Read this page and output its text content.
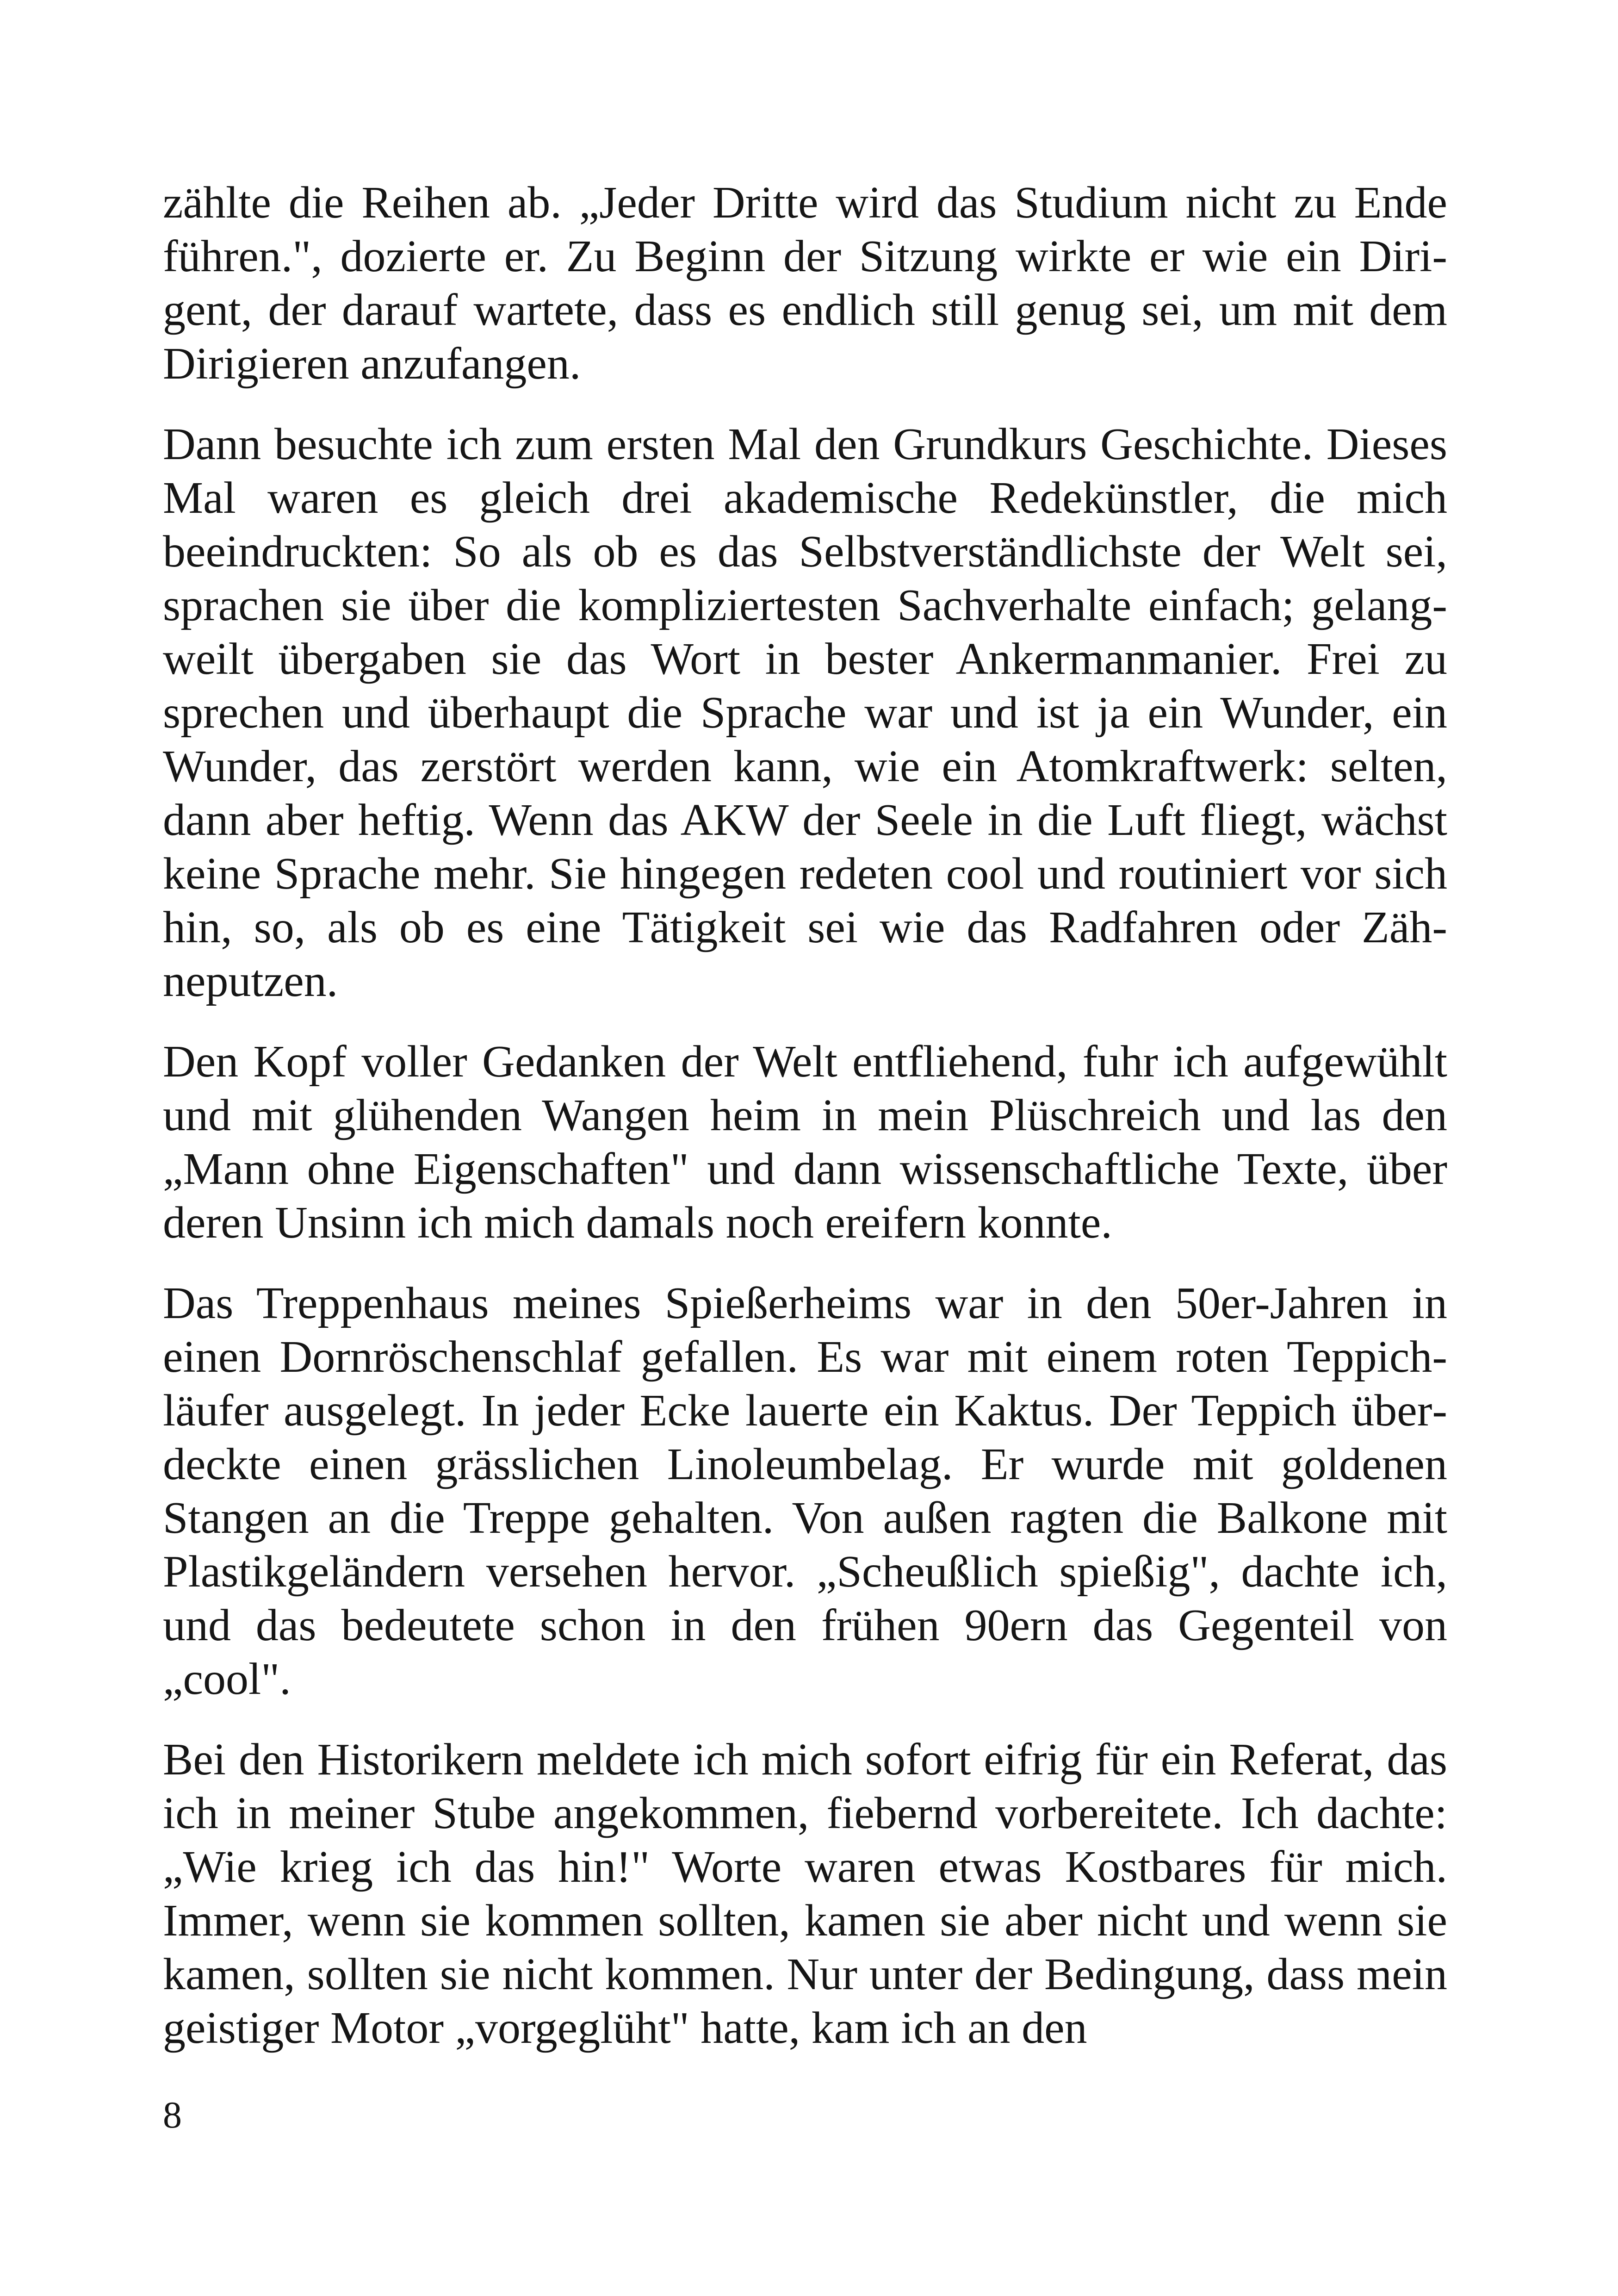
zählte die Reihen ab. „Jeder Dritte wird das Studium nicht zu Ende führen.", dozierte er. Zu Beginn der Sitzung wirkte er wie ein Dirigent, der darauf wartete, dass es endlich still genug sei, um mit dem Dirigieren anzufangen.

Dann besuchte ich zum ersten Mal den Grundkurs Geschichte. Dieses Mal waren es gleich drei akademische Redekünstler, die mich beeindruckten: So als ob es das Selbstverständlichste der Welt sei, sprachen sie über die kompliziertesten Sachverhalte einfach; gelangweilt übergaben sie das Wort in bester Ankermanmanier. Frei zu sprechen und überhaupt die Sprache war und ist ja ein Wunder, ein Wunder, das zerstört werden kann, wie ein Atomkraftwerk: selten, dann aber heftig. Wenn das AKW der Seele in die Luft fliegt, wächst keine Sprache mehr. Sie hingegen redeten cool und routiniert vor sich hin, so, als ob es eine Tätigkeit sei wie das Radfahren oder Zähneputzen.

Den Kopf voller Gedanken der Welt entfliehend, fuhr ich aufgewühlt und mit glühenden Wangen heim in mein Plüschreich und las den „Mann ohne Eigenschaften" und dann wissenschaftliche Texte, über deren Unsinn ich mich damals noch ereifern konnte.

Das Treppenhaus meines Spießerheims war in den 50er-Jahren in einen Dornröschenschlaf gefallen. Es war mit einem roten Teppichläufer ausgelegt. In jeder Ecke lauerte ein Kaktus. Der Teppich überdeckte einen grässlichen Linoleumbelag. Er wurde mit goldenen Stangen an die Treppe gehalten. Von außen ragten die Balkone mit Plastikgeländern versehen hervor. „Scheußlich spießig", dachte ich, und das bedeutete schon in den frühen 90ern das Gegenteil von „cool".

Bei den Historikern meldete ich mich sofort eifrig für ein Referat, das ich in meiner Stube angekommen, fiebernd vorbereitete. Ich dachte: „Wie krieg ich das hin!" Worte waren etwas Kostbares für mich. Immer, wenn sie kommen sollten, kamen sie aber nicht und wenn sie kamen, sollten sie nicht kommen. Nur unter der Bedingung, dass mein geistiger Motor „vorgeglüht" hatte, kam ich an den

8
